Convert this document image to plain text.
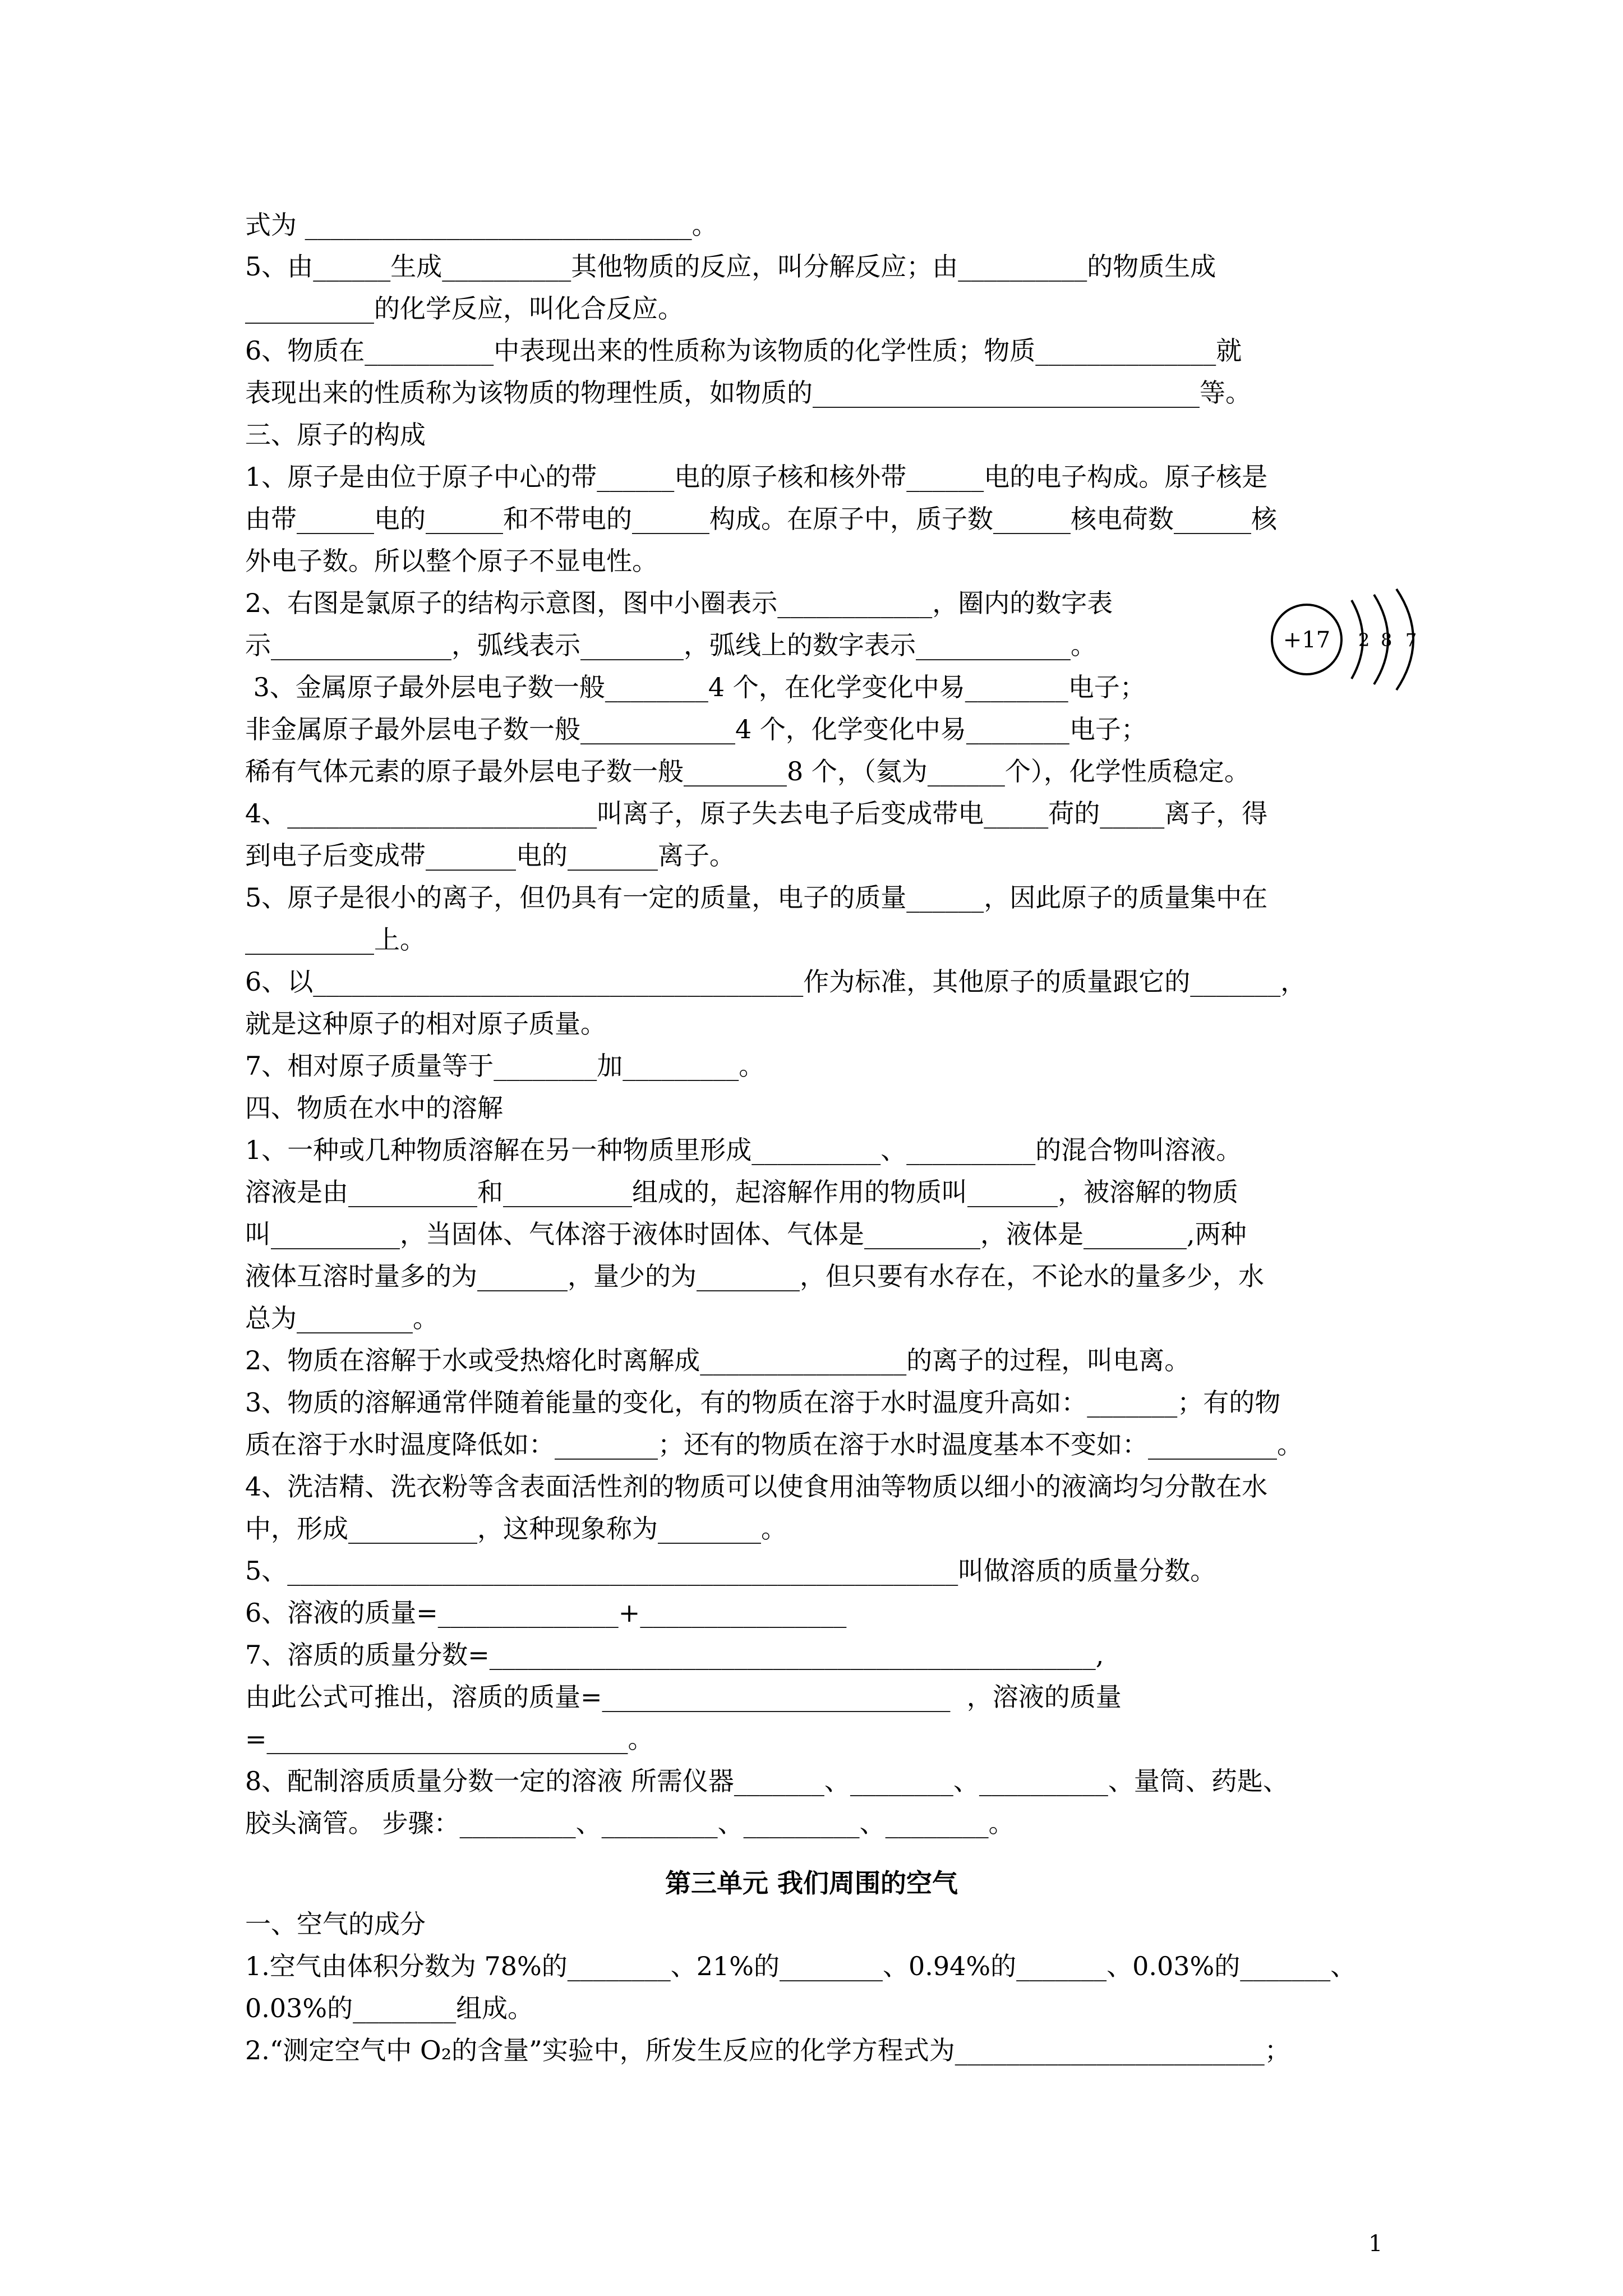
式为 ______________________________。
5、由______生成__________其他物质的反应，叫分解反应；由__________的物质生成
__________的化学反应，叫化合反应。
6、物质在__________中表现出来的性质称为该物质的化学性质；物质______________就
表现出来的性质称为该物质的物理性质，如物质的______________________________等。
三、原子的构成
1、原子是由位于原子中心的带______电的原子核和核外带______电的电子构成。原子核是
由带______电的______和不带电的______构成。在原子中，质子数______核电荷数______核
外电子数。所以整个原子不显电性。
2、右图是氯原子的结构示意图，图中小圈表示____________，圈内的数字表
示______________，弧线表示________，弧线上的数字表示____________。
3、金属原子最外层电子数一般________4 个，在化学变化中易________电子；
非金属原子最外层电子数一般____________4 个，化学变化中易________电子；
稀有气体元素的原子最外层电子数一般________8 个，（氦为______个），化学性质稳定。
4、________________________叫离子，原子失去电子后变成带电_____荷的_____离子，得
到电子后变成带_______电的_______离子。
5、原子是很小的离子，但仍具有一定的质量，电子的质量______，因此原子的质量集中在
__________上。
6、以______________________________________作为标准，其他原子的质量跟它的_______，
就是这种原子的相对原子质量。
7、相对原子质量等于________加_________。
四、物质在水中的溶解
1、一种或几种物质溶解在另一种物质里形成__________、__________的混合物叫溶液。
溶液是由__________和__________组成的，起溶解作用的物质叫_______，被溶解的物质
叫__________，当固体、气体溶于液体时固体、气体是_________，液体是________,两种
液体互溶时量多的为_______，量少的为________，但只要有水存在，不论水的量多少，水
总为_________。
2、物质在溶解于水或受热熔化时离解成________________的离子的过程，叫电离。
3、物质的溶解通常伴随着能量的变化，有的物质在溶于水时温度升高如：_______；有的物
质在溶于水时温度降低如：________；还有的物质在溶于水时温度基本不变如：__________。
4、洗洁精、洗衣粉等含表面活性剂的物质可以使食用油等物质以细小的液滴均匀分散在水
中，形成__________，这种现象称为________。
5、____________________________________________________叫做溶质的质量分数。
6、溶液的质量=______________+________________
7、溶质的质量分数=_______________________________________________,
由此公式可推出，溶质的质量=___________________________  ，溶液的质量
=____________________________。
8、配制溶质质量分数一定的溶液 所需仪器_______、________、__________、量筒、药匙、
胶头滴管。 步骤：_________、_________、_________、________。
第三单元 我们周围的空气
一、空气的成分
1.空气由体积分数为 78%的________、21%的________、0.94%的_______、0.03%的_______、
0.03%的________组成。
2.“测定空气中 O₂的含量”实验中，所发生反应的化学方程式为________________________；
+17 2 8 7
1
